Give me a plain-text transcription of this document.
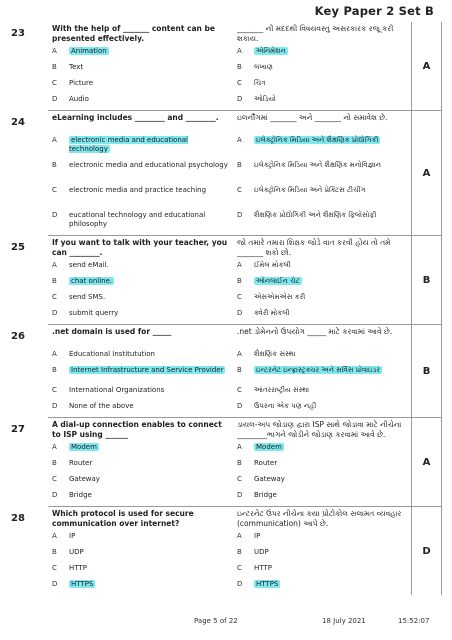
Key Paper 2 Set B
23	With the help of _______ content can be presented effectively.
A	Animation
B	Text
C	Picture
D	Audio
_______ ની મદદથી વિષયવસ્તુ અસરકારક રજૂ કરી શકાય.
A	એનિમેશન
B	લખાણ
C	ચિત્ર
D	ઓડિયો
A
24	eLearning includes ________ and ________.
A	electronic media and educational technology
B	electronic media and educational psychology
C	electronic media and practice teaching
D	eucational technology and educational philosophy
ઇલર્નીંગમાં _______ અને _______ નો સમાવેશ છે.
A	ઇલેક્ટ્રોનિક મિડિયા અને શૈક્ષણિક પ્રોદ્યોગિકી
B	ઇલેક્ટ્રોનિક મિડિયા અને શૈક્ષણિક મનોવિજ્ઞાન
C	ઇલેક્ટ્રોનિક મિડિયા અને પ્રેક્ટિસ ટીચીંગ
D	શૈક્ષણિક પ્રોદ્યોગિકી અને શૈક્ષણિક ફિલોસોફી
A
25	If you want to talk with your teacher, you can ________.
A	send eMail.
B	chat online.
C	send SMS.
D	submit querry
જો તમારે તમારા શિક્ષક જોડે વાત કરવી હોય તો તમે _______ શકો છો.
A	ઈમેલ મોકલી
B	ઓનલાઈન ચેટ
C	એસએમએસ કરી
D	ક્વેરી મોકલી
B
26	.net domain is used for _____
A	Educational Institutution
B	Internet Infrastructure and Service Provider
C	International Organizations
D	None of the above
.net ડોમેનનો ઉપયોગ _____ માટે કરવામાં આવે છે.
A	શૈક્ષણિક સંસ્થા
B	ઇન્ટરનેટ ઇન્ફ્રાસ્ટ્રક્ચર અને સર્વિસ પ્રોવાઇડર
C	આંતરરાષ્ટ્રીય સંસ્થા
D	ઉપરના એક પણ નહીં
B
27	A dial-up connection enables to connect to ISP using ______
A	Modem
B	Router
C	Gateway
D	Bridge
ડાયલ-અપ જોડાણ દ્વારા ISP સાથે જોડાવા માટે નીચેના ________ભાગને જોડીને જોડાણ કરવામાં આવે છે.
A	Modem
B	Router
C	Gateway
D	Bridge
A
28	Which protocol is used for secure communication over internet?
A	IP
B	UDP
C	HTTP
D	HTTPS
ઇન્ટરનેટ ઉપર નીચેના કયા પ્રોટોકોલ સલામત વ્યવહાર (communication) આપે છે.
A	IP
B	UDP
C	HTTP
D	HTTPS
D
Page 5 of 22	18 July 2021	15:52:07
